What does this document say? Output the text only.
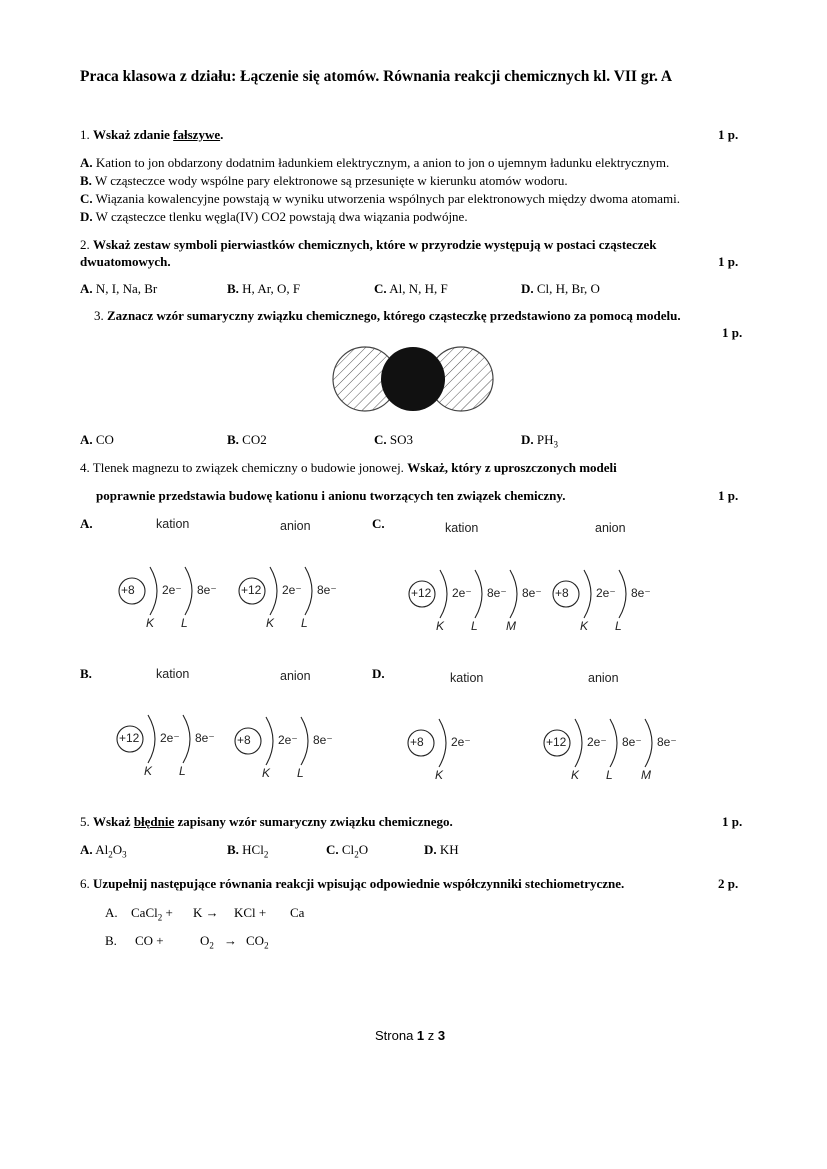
Praca klasowa z działu: Łączenie się atomów. Równania reakcji chemicznych kl. VII gr. A
1. Wskaż zdanie fałszywe.	1 p.
A. Kation to jon obdarzony dodatnim ładunkiem elektrycznym, a anion to jon o ujemnym ładunku elektrycznym.
B. W cząsteczce wody wspólne pary elektronowe są przesunięte w kierunku atomów wodoru.
C. Wiązania kowalencyjne powstają w wyniku utworzenia wspólnych par elektronowych między dwoma atomami.
D. W cząsteczce tlenku węgla(IV) CO2 powstają dwa wiązania podwójne.
2. Wskaż zestaw symboli pierwiastków chemicznych, które w przyrodzie występują w postaci cząsteczek
dwuatomowych.	1 p.
A. N, I, Na, Br	B. H, Ar, O, F	C. Al, N, H, F	D. Cl, H, Br, O
3. Zaznacz wzór sumaryczny związku chemicznego, którego cząsteczkę przedstawiono za pomocą modelu.
1 p.
A. CO	B. CO2	C. SO3	D. $PH_3$
4. Tlenek magnezu to związek chemiczny o budowie jonowej. Wskaż, który z uproszczonych modeli
poprawnie przedstawia budowę kationu i anionu tworzących ten związek chemiczny.	1 p.
A.	kation	anion	C.	kation	anion
B.	kation	anion	D.	kation	anion
+8 2e⁻
K
8e⁻
L
+12 2e⁻
K
8e⁻
L
+12 2e⁻
K
8e⁻
L
8e⁻
M
+8 2e⁻
K
8e⁻
L
+12 2e⁻
K
8e⁻
L
+8 2e⁻
K
8e⁻
L
+8 2e⁻
K
+12 2e⁻
K
8e⁻
L
8e⁻
M
5. Wskaż błędnie zapisany wzór sumaryczny związku chemicznego.	1 p.
A. $Al_2O_3$	B. HCl$_2$	C. $Cl_2O$	D. KH
6. Uzupełnij następujące równania reakcji wpisując odpowiednie współczynniki stechiometryczne.	2 p.
A. CaCl$_2$ + K → KCl + Ca
B. CO +	$O_2 \to CO_2$
Strona 1 z 3
